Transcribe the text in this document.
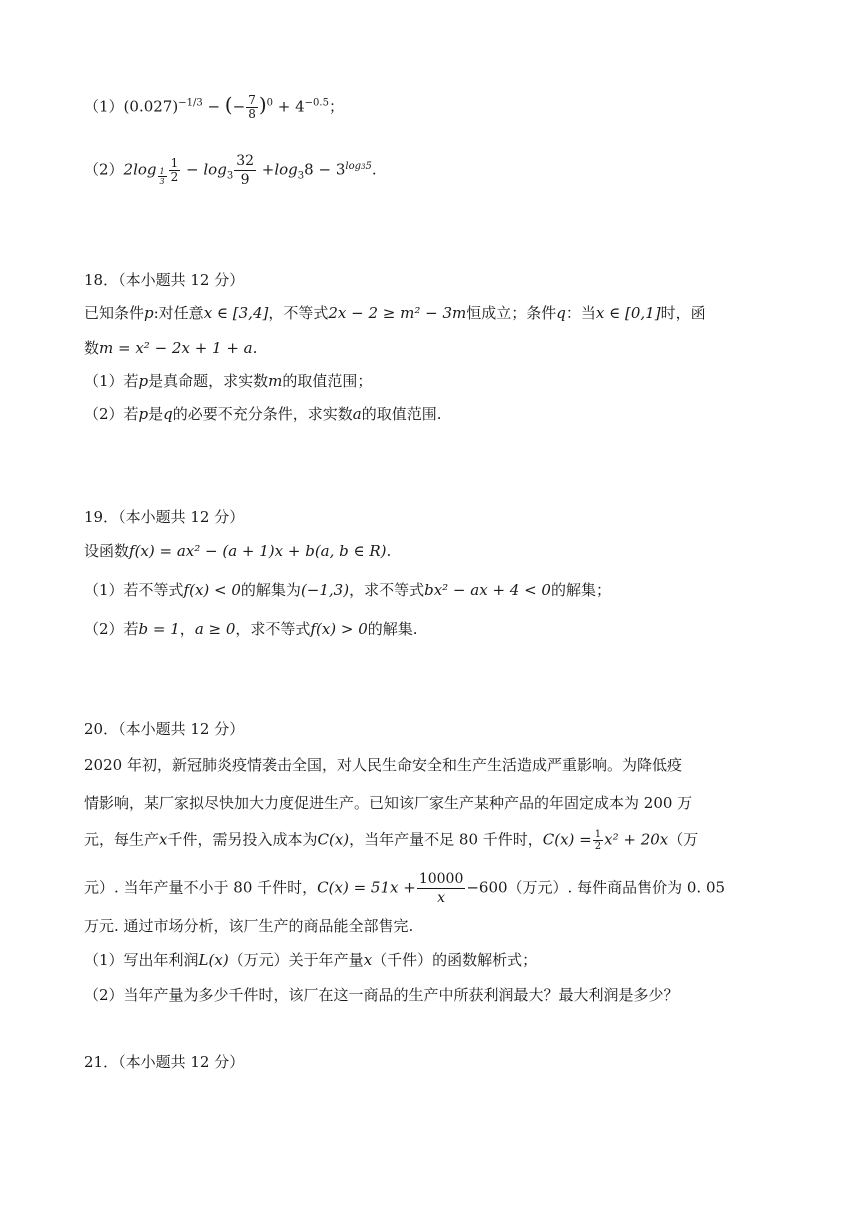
$(1)(0.027)^{-1/3}$ − (− $\frac{7}{8} )^0 + 4^{-0.5}$；
（2）2log $_{\frac{1}{3}} \frac{1}{2} - \log_3 \frac{32}{9} +\log_38 - 3^{log35}$.
18．（本小题共 12 分）
已知条件p:对任意x ∈ [3,4]，不等式2x − 2 ≥ m² − 3m恒成立；条件q：当x ∈ [0,1]时，函
数m = x² − 2x + 1 + a.
（1）若p是真命题，求实数m的取值范围；
（2）若p是q的必要不充分条件，求实数a的取值范围.
19．（本小题共 12 分）
设函数f(x) = ax² − (a + 1)x + b(a, b ∈ R).
（1）若不等式f(x) < 0的解集为(−1,3)，求不等式bx² − ax + 4 < 0的解集；
（2）若b = 1，a ≥ 0，求不等式f(x) > 0的解集.
20．（本小题共 12 分）
2020 年初，新冠肺炎疫情袭击全国，对人民生命安全和生产生活造成严重影响。为降低疫
情影响，某厂家拟尽快加大力度促进生产。已知该厂家生产某种产品的年固定成本为 200 万
元，每生产x千件，需另投入成本为C(x)，当年产量不足 80 千件时，$C(x) = \frac{1}{2} x^2 + 20x$（万
元）. 当年产量不小于 80 千件时，$C(x) = 51x + \frac{10000}{x} -600$（万元）. 每件商品售价为 0. 05
万元. 通过市场分析，该厂生产的商品能全部售完.
（1）写出年利润L(x)（万元）关于年产量x（千件）的函数解析式；
（2）当年产量为多少千件时，该厂在这一商品的生产中所获利润最大？最大利润是多少？
21．（本小题共 12 分）
